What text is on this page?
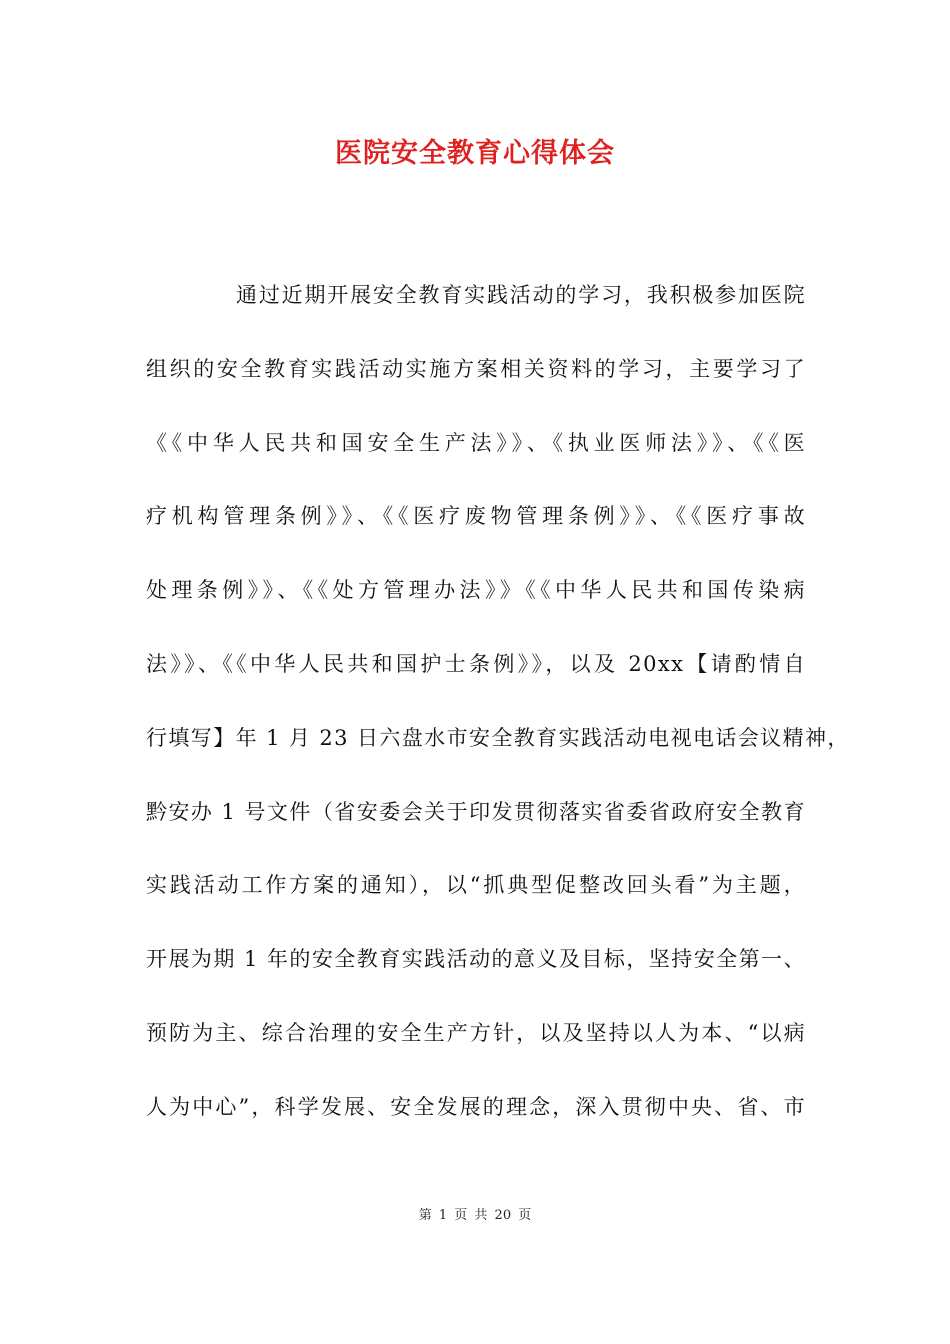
医院安全教育心得体会
通过近期开展安全教育实践活动的学习，我积极参加医院
组织的安全教育实践活动实施方案相关资料的学习，主要学习了
《《中华人民共和国安全生产法》》、《执业医师法》》、《《医
疗机构管理条例》》、《《医疗废物管理条例》》、《《医疗事故
处理条例》》、《《处方管理办法》》《《中华人民共和国传染病
法》》、《《中华人民共和国护士条例》》，以及 20xx【请酌情自
行填写】年 1 月 23 日六盘水市安全教育实践活动电视电话会议精神，
黔安办 1 号文件（省安委会关于印发贯彻落实省委省政府安全教育
实践活动工作方案的通知），以“抓典型促整改回头看”为主题，
开展为期 1 年的安全教育实践活动的意义及目标，坚持安全第一、
预防为主、综合治理的安全生产方针，以及坚持以人为本、“以病
人为中心”，科学发展、安全发展的理念，深入贯彻中央、省、市
第 1 页 共 20 页
